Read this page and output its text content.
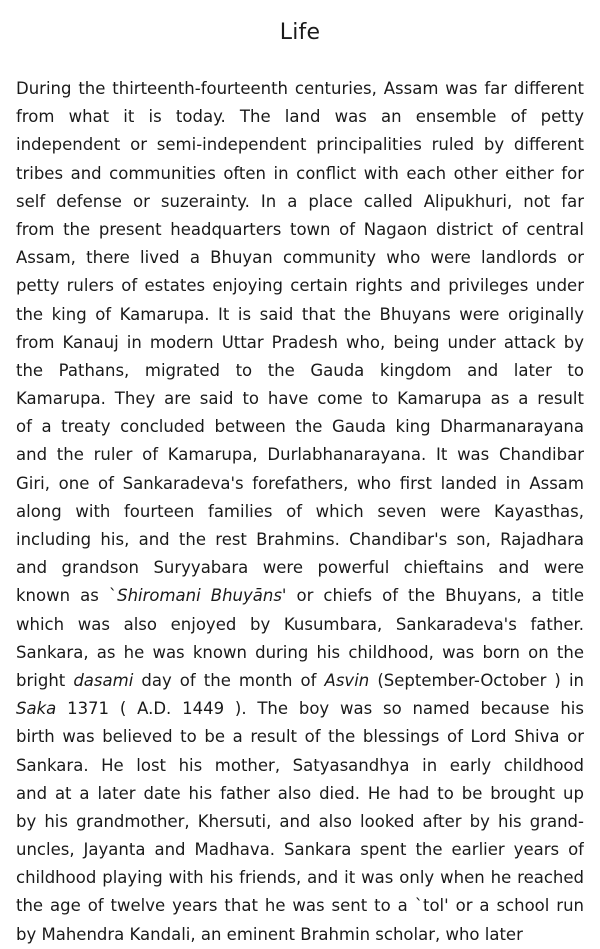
Life
During the thirteenth-fourteenth centuries, Assam was far different
from what it is today. The land was an ensemble of petty
independent or semi-independent principalities ruled by different
tribes and communities often in conflict with each other either for
self defense or suzerainty. In a place called Alipukhuri, not far
from the present headquarters town of Nagaon district of central
Assam, there lived a Bhuyan community who were landlords or
petty rulers of estates enjoying certain rights and privileges under
the king of Kamarupa. It is said that the Bhuyans were originally
from Kanauj in modern Uttar Pradesh who, being under attack by
the Pathans, migrated to the Gauda kingdom and later to
Kamarupa. They are said to have come to Kamarupa as a result
of a treaty concluded between the Gauda king Dharmanarayana
and the ruler of Kamarupa, Durlabhanarayana. It was Chandibar
Giri, one of Sankaradeva's forefathers, who first landed in Assam
along with fourteen families of which seven were Kayasthas,
including his, and the rest Brahmins. Chandibar's son, Rajadhara
and grandson Suryyabara were powerful chieftains and were
known as `Shiromani Bhuyāns' or chiefs of the Bhuyans, a title
which was also enjoyed by Kusumbara, Sankaradeva's father.
Sankara, as he was known during his childhood, was born on the
bright dasami day of the month of Asvin (September-October ) in
Saka 1371 ( A.D. 1449 ). The boy was so named because his
birth was believed to be a result of the blessings of Lord Shiva or
Sankara. He lost his mother, Satyasandhya in early childhood
and at a later date his father also died. He had to be brought up
by his grandmother, Khersuti, and also looked after by his grand-
uncles, Jayanta and Madhava. Sankara spent the earlier years of
childhood playing with his friends, and it was only when he reached
the age of twelve years that he was sent to a `tol' or a school run
by Mahendra Kandali, an eminent Brahmin scholar, who later
